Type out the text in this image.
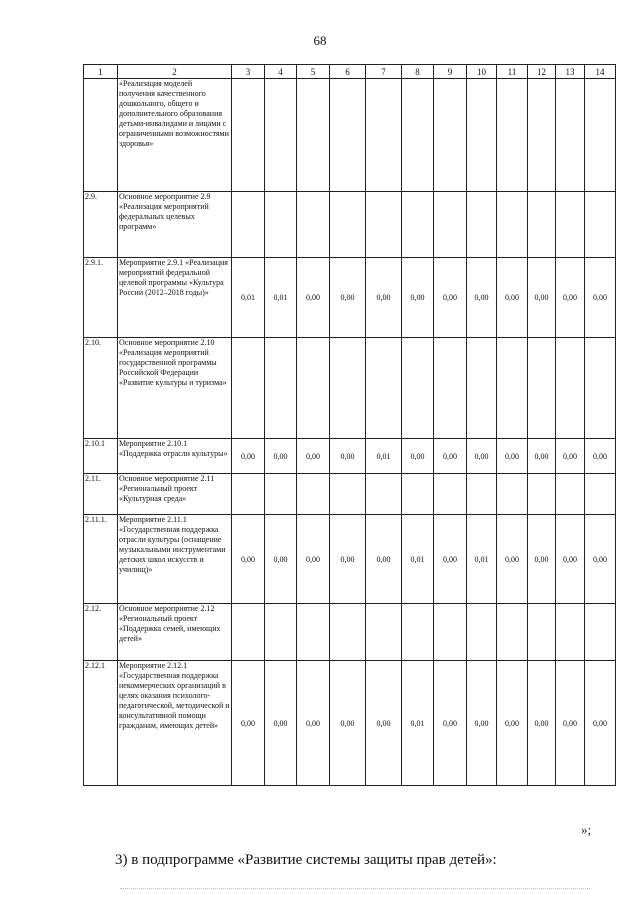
68
1	2	3	4	5	6	7	8	9	10	11	12	13	14
	«Реализация моделей получения качественного дошкольного, общего и дополнительного образования детьми-инвалидами и лицами с ограниченными возможностями здоровья»												
2.9.	Основное мероприятие 2.9 «Реализация мероприятий федеральных целевых программ»												
2.9.1.	Мероприятие 2.9.1 «Реализация мероприятий федеральной целевой программы «Культура России (2012–2018 годы)»	0,01	0,01	0,00	0,00	0,00	0,00	0,00	0,00	0,00	0,00	0,00	0,00
2.10.	Основное мероприятие 2.10 «Реализация мероприятий государственной программы Российской Федерации «Развитие культуры и туризма»												
2.10.1	Мероприятие 2.10.1 «Поддержка отрасли культуры»	0,00	0,00	0,00	0,00	0,01	0,00	0,00	0,00	0,00	0,00	0,00	0,00
2.11.	Основное мероприятие 2.11 «Региональный проект «Культурная среда»												
2.11.1.	Мероприятие 2.11.1 «Государственная поддержка отрасли культуры (оснащение музыкальными инструментами детских школ искусств и училищ)»	0,00	0,00	0,00	0,00	0,00	0,01	0,00	0,01	0,00	0,00	0,00	0,00
2.12.	Основное мероприятие 2.12 «Региональный проект «Поддержка семей, имеющих детей»												
2.12.1	Мероприятие 2.12.1 «Государственная поддержка некоммерческих организаций в целях оказания психолого-педагогической, методической и консультативной помощи гражданам, имеющих детей»	0,00	0,00	0,00	0,00	0,00	0,01	0,00	0,00	0,00	0,00	0,00	0,00
»;
3) в подпрограмме «Развитие системы защиты прав детей»:
